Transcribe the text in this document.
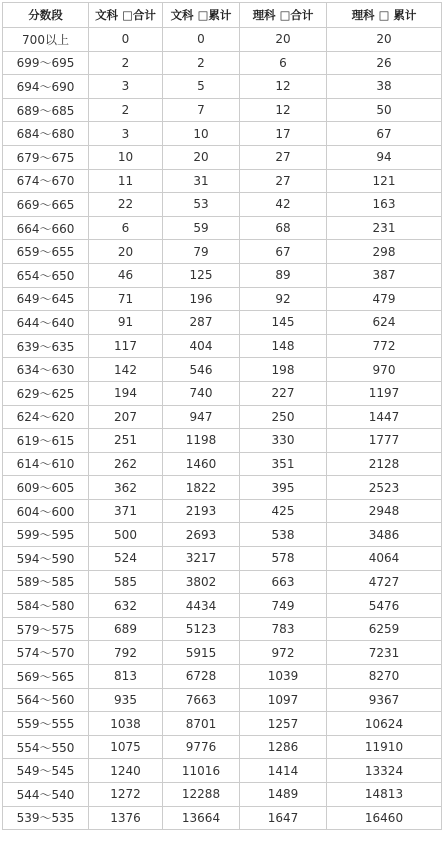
分数段	文科 □合计	文科 □累计	理科 □合计	理科 □ 累计
700以上	0	0	20	20
699～695	2	2	6	26
694～690	3	5	12	38
689～685	2	7	12	50
684～680	3	10	17	67
679～675	10	20	27	94
674～670	11	31	27	121
669～665	22	53	42	163
664～660	6	59	68	231
659～655	20	79	67	298
654～650	46	125	89	387
649～645	71	196	92	479
644～640	91	287	145	624
639～635	117	404	148	772
634～630	142	546	198	970
629～625	194	740	227	1197
624～620	207	947	250	1447
619～615	251	1198	330	1777
614～610	262	1460	351	2128
609～605	362	1822	395	2523
604～600	371	2193	425	2948
599～595	500	2693	538	3486
594～590	524	3217	578	4064
589～585	585	3802	663	4727
584～580	632	4434	749	5476
579～575	689	5123	783	6259
574～570	792	5915	972	7231
569～565	813	6728	1039	8270
564～560	935	7663	1097	9367
559～555	1038	8701	1257	10624
554～550	1075	9776	1286	11910
549～545	1240	11016	1414	13324
544～540	1272	12288	1489	14813
539～535	1376	13664	1647	16460
